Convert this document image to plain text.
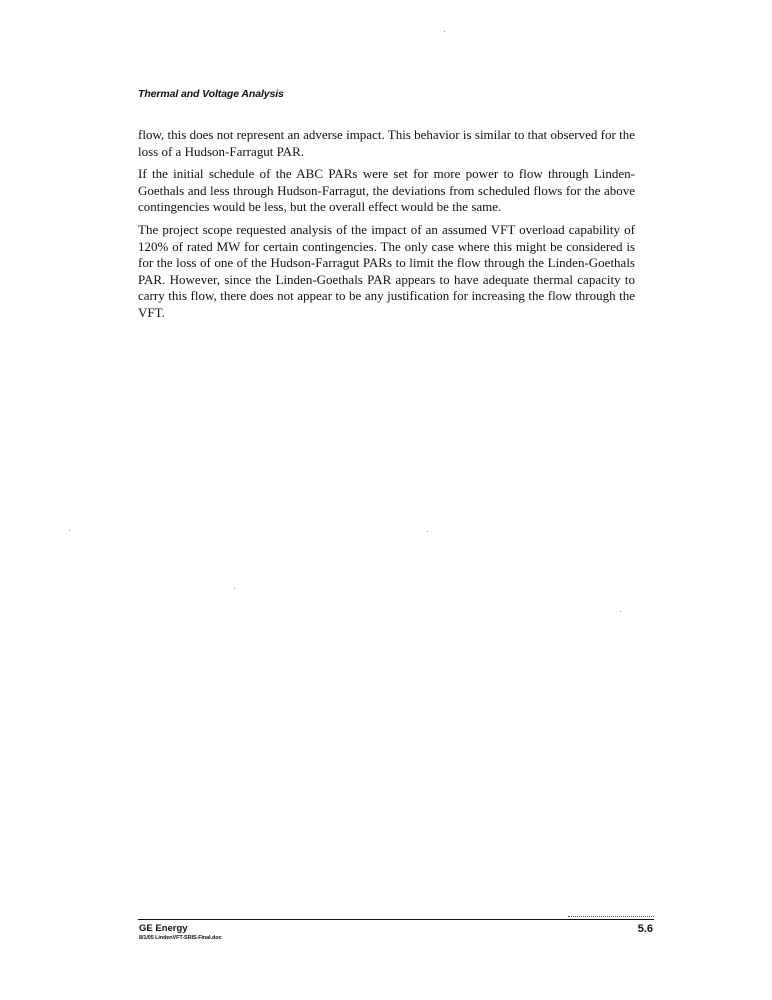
Thermal and Voltage Analysis

flow, this does not represent an adverse impact. This behavior is similar to that observed for the loss of a Hudson-Farragut PAR.

If the initial schedule of the ABC PARs were set for more power to flow through Linden-Goethals and less through Hudson-Farragut, the deviations from scheduled flows for the above contingencies would be less, but the overall effect would be the same.

The project scope requested analysis of the impact of an assumed VFT overload capability of 120% of rated MW for certain contingencies. The only case where this might be considered is for the loss of one of the Hudson-Farragut PARs to limit the flow through the Linden-Goethals PAR. However, since the Linden-Goethals PAR appears to have adequate thermal capacity to carry this flow, there does not appear to be any justification for increasing the flow through the VFT.

GE Energy
8/1/05 LindenVFT-SRIS-Final.doc
5.6
